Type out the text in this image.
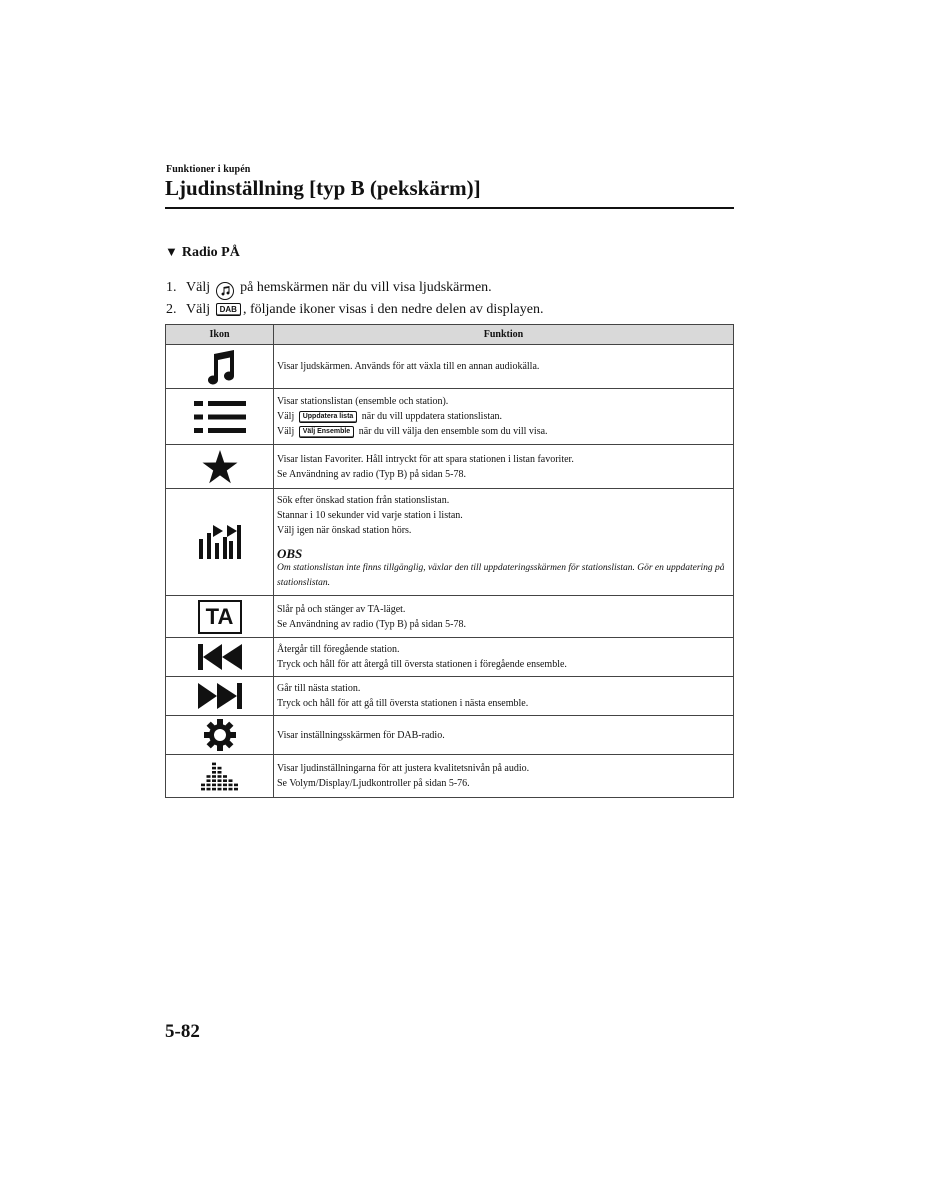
Funktioner i kupén
Ljudinställning [typ B (pekskärm)]
▼ Radio PÅ
1. Välj på hemskärmen när du vill visa ljudskärmen.
2. Välj DAB , följande ikoner visas i den nedre delen av displayen.
Ikon	Funktion

Visar ljudskärmen. Används för att växla till en annan audiokälla.

Visar stationslistan (ensemble och station).
Välj Uppdatera lista när du vill uppdatera stationslistan.
Välj Välj Ensemble när du vill välja den ensemble som du vill visa.

Visar listan Favoriter. Håll intryckt för att spara stationen i listan favoriter.
Se Användning av radio (Typ B) på sidan 5-78.

Sök efter önskad station från stationslistan.
Stannar i 10 sekunder vid varje station i listan.
Välj igen när önskad station hörs.
OBS
Om stationslistan inte finns tillgänglig, växlar den till uppdateringsskärmen för stationslistan. Gör en uppdatering på stationslistan.

TA	Slår på och stänger av TA-läget.
Se Användning av radio (Typ B) på sidan 5-78.

Återgår till föregående station.
Tryck och håll för att återgå till översta stationen i föregående ensemble.

Går till nästa station.
Tryck och håll för att gå till översta stationen i nästa ensemble.

Visar inställningsskärmen för DAB-radio.

Visar ljudinställningarna för att justera kvalitetsnivån på audio.
Se Volym/Display/Ljudkontroller på sidan 5-76.
5-82
